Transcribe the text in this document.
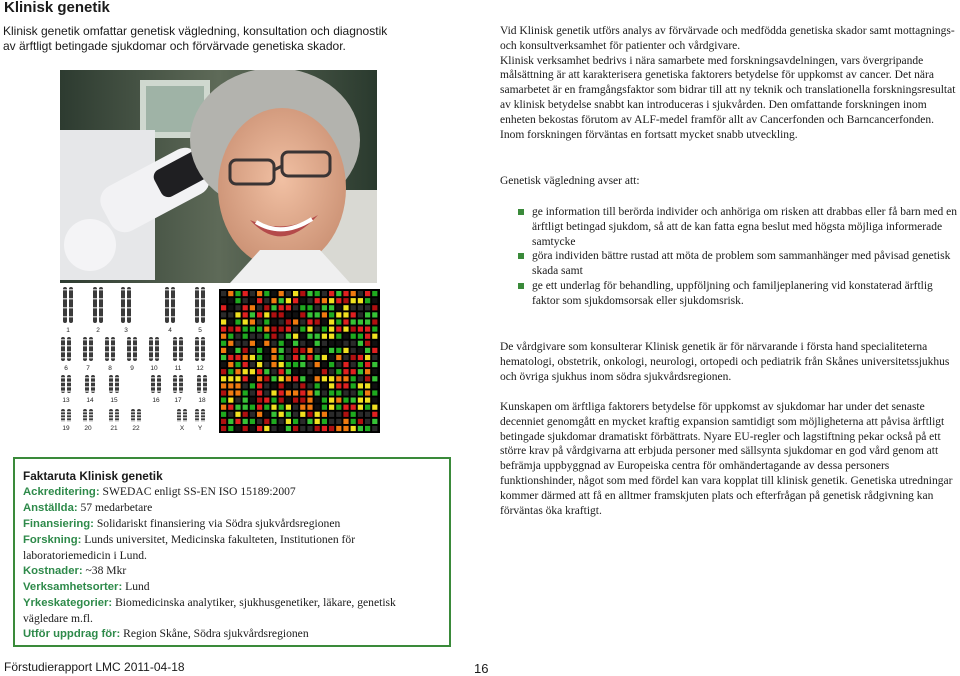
Klinisk genetik
Klinisk genetik omfattar genetisk vägledning, konsultation och diagnostik av ärftligt betingade sjukdomar och förvärvade genetiska skador.
1	2	3	4	5
6	7	8	9	10	11 12
13	14	15	16 17	18
19 20	21 22	X Y

Vid Klinisk genetik utförs analys av förvärvade och medfödda genetiska skador samt mottagnings- och konsultverksamhet för patienter och vårdgivare.

Klinisk verksamhet bedrivs i nära samarbete med forskningsavdelningen, vars övergripande målsättning är att karakterisera genetiska faktorers betydelse för uppkomst av cancer. Det nära samarbetet är en framgångsfaktor som bidrar till att ny teknik och translationella forskningsresultat av klinisk betydelse snabbt kan introduceras i sjukvården. Den omfattande forskningen inom enheten bekostas förutom av ALF-medel framför allt av Cancerfonden och Barncancerfonden.

Inom forskningen förväntas en fortsatt mycket snabb utveckling.

Genetisk vägledning avser att:
ge information till berörda individer och anhöriga om risken att drabbas eller få barn med en ärftligt betingad sjukdom, så att de kan fatta egna beslut med högsta möjliga informerade samtycke
göra individen bättre rustad att möta de problem som sammanhänger med påvisad genetisk skada samt
ge ett underlag för behandling, uppföljning och familjeplanering vid konstaterad ärftlig faktor som sjukdomsorsak eller sjukdomsrisk.
De vårdgivare som konsulterar Klinisk genetik är för närvarande i första hand specialiteterna hematologi, obstetrik, onkologi, neurologi, ortopedi och pediatrik från Skånes universitetssjukhus och övriga sjukhus inom södra sjukvårdsregionen.
Kunskapen om ärftliga faktorers betydelse för uppkomst av sjukdomar har under det senaste decenniet genomgått en mycket kraftig expansion samtidigt som möjligheterna att påvisa ärftligt betingade sjukdomar dramatiskt förbättrats. Nyare EU-regler och lagstiftning pekar också på ett större krav på vårdgivarna att erbjuda personer med sällsynta sjukdomar en god vård genom att befrämja uppbyggnad av Europeiska centra för omhändertagande av dessa personers funktionshinder, något som med fördel kan vara kopplat till klinisk genetik. Genetiska utredningar kommer därmed att få en alltmer framskjuten plats och efterfrågan på genetisk rådgivning kan förväntas öka kraftigt.
Faktaruta Klinisk genetik

Ackreditering: SWEDAC enligt SS-EN ISO 15189:2007

Anställda: 57 medarbetare

Finansiering: Solidariskt finansiering via Södra sjukvårdsregionen

Forskning: Lunds universitet, Medicinska fakulteten, Institutionen för laboratoriemedicin i Lund.

Kostnader: ~38 Mkr

Verksamhetsorter: Lund

Yrkeskategorier: Biomedicinska analytiker, sjukhusgenetiker, läkare, genetisk vägledare m.fl.

Utför uppdrag för: Region Skåne, Södra sjukvårdsregionen

Förstudierapport LMC 2011-04-18	16
